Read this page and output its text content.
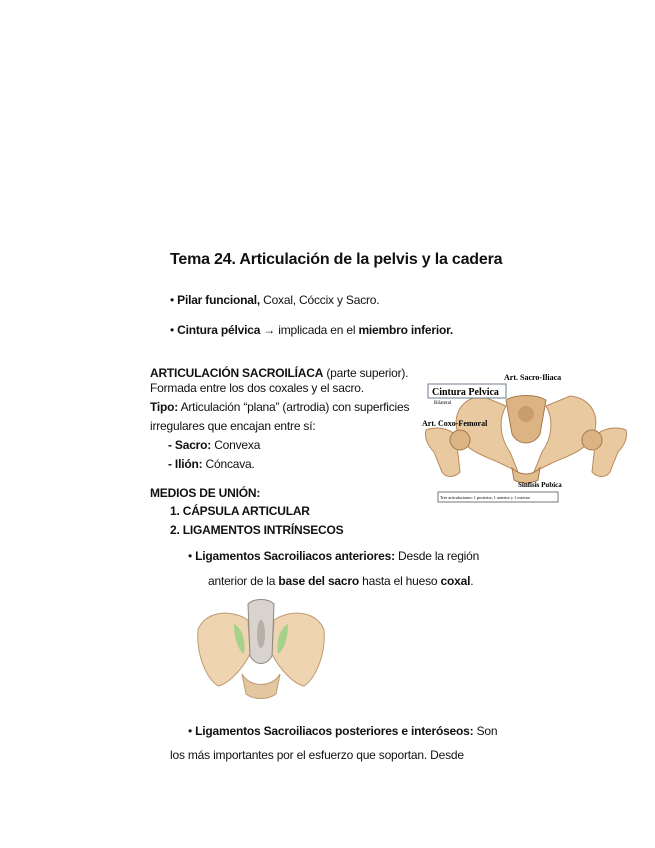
Tema 24. Articulación de la pelvis y la cadera
• Pilar funcional, Coxal, Cóccix y Sacro.
• Cintura pélvica → implicada en el miembro inferior.
ARTICULACIÓN SACROILÍACA (parte superior).
Formada entre los dos coxales y el sacro.
Tipo: Articulación “plana” (artrodia) con superficies
irregulares que encajan entre sí:
- Sacro: Convexa
- Ilión: Cóncava.
MEDIOS DE UNIÓN:
1. CÁPSULA ARTICULAR
2. LIGAMENTOS INTRÍNSECOS
• Ligamentos Sacroiliacos anteriores: Desde la región
anterior de la base del sacro hasta el hueso coxal.
• Ligamentos Sacroiliacos posteriores e interóseos: Son
los más importantes por el esfuerzo que soportan. Desde
Art. Sacro-Iliaca
Cintura Pelvica
Bilateral
Art. Coxo-Femoral
Sinfisis Pubica
Tres articulaciones: 1 posterior, 1 anterior y 1 externa
